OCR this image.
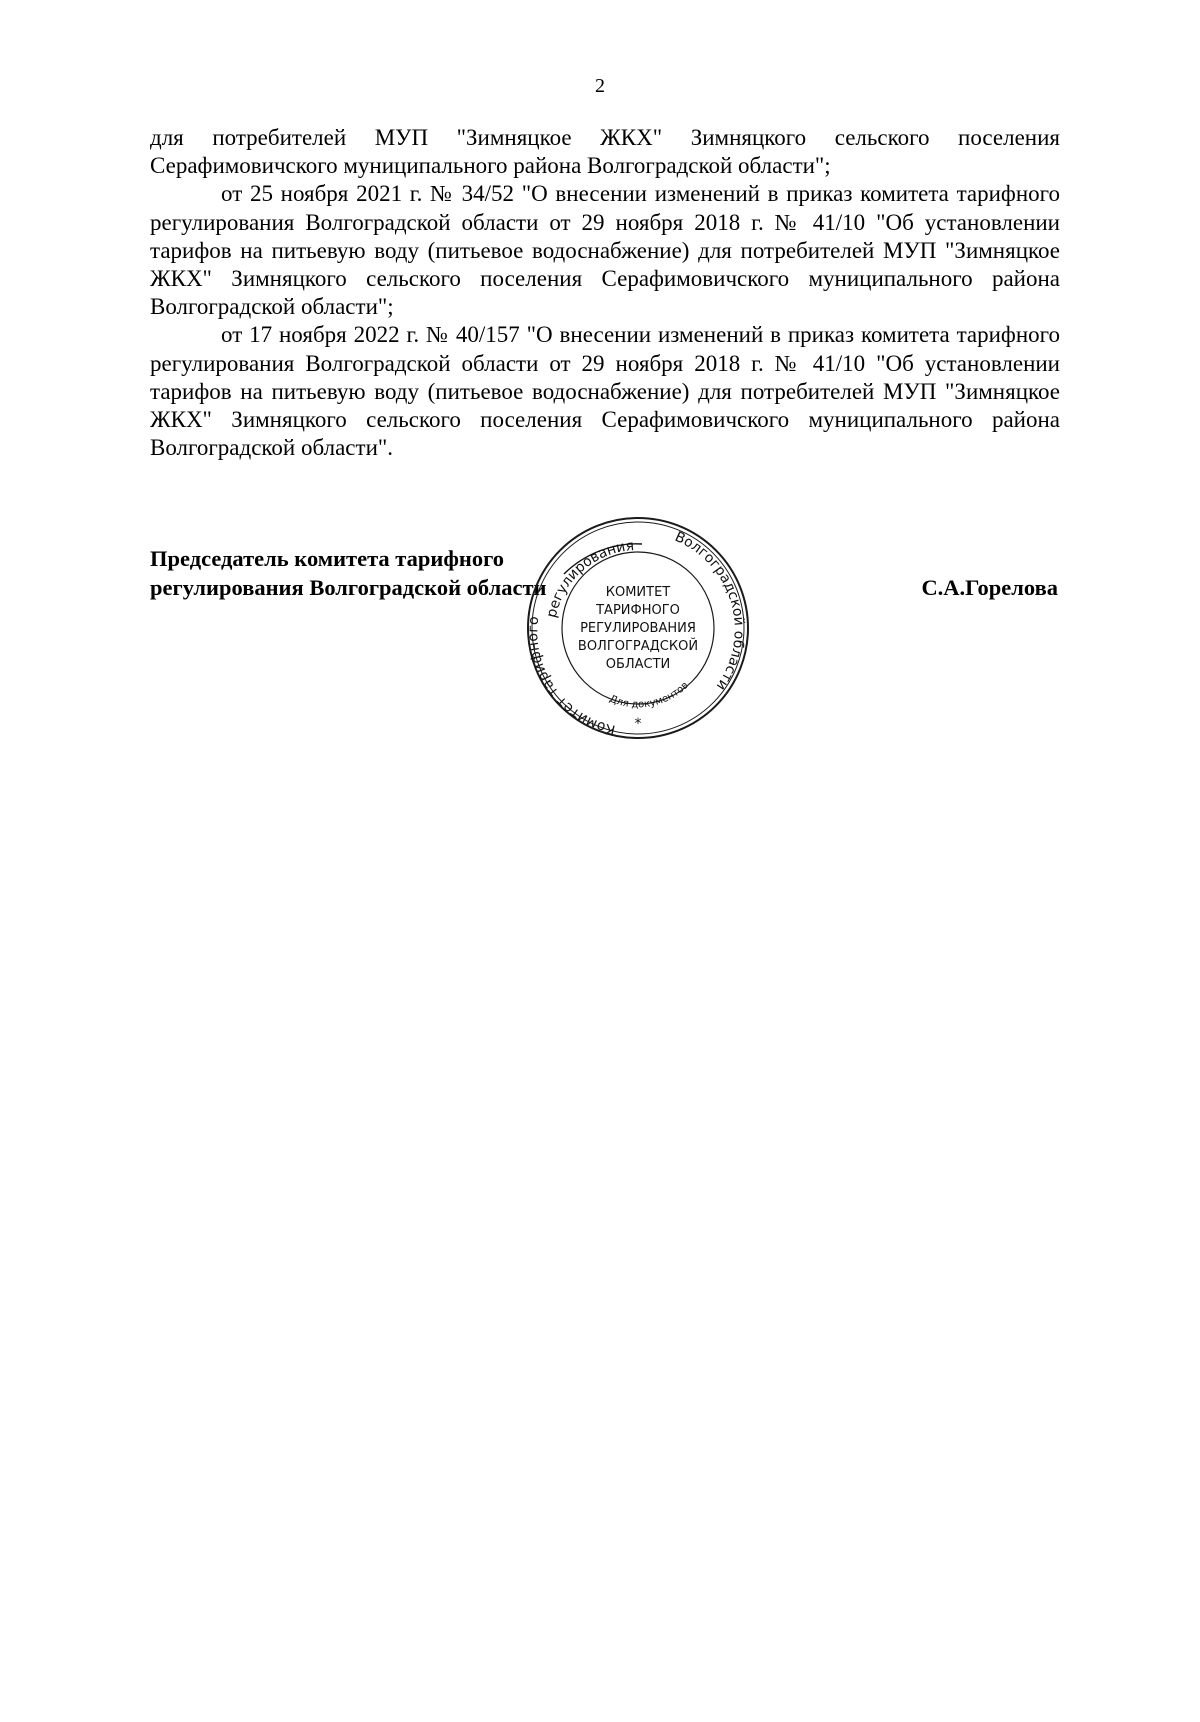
2

для потребителей МУП "Зимняцкое ЖКХ" Зимняцкого сельского поселения Серафимовичского муниципального района Волгоградской области";

от 25 ноября 2021 г. № 34/52 "О внесении изменений в приказ комитета тарифного регулирования Волгоградской области от 29 ноября 2018 г. № 41/10 "Об установлении тарифов на питьевую воду (питьевое водоснабжение) для потребителей МУП "Зимняцкое ЖКХ" Зимняцкого сельского поселения Серафимовичского муниципального района Волгоградской области";

от 17 ноября 2022 г. № 40/157 "О внесении изменений в приказ комитета тарифного регулирования Волгоградской области от 29 ноября 2018 г. № 41/10 "Об установлении тарифов на питьевую воду (питьевое водоснабжение) для потребителей МУП "Зимняцкое ЖКХ" Зимняцкого сельского поселения Серафимовичского муниципального района Волгоградской области".

Председатель комитета тарифного
регулирования Волгоградской области	С.А.Горелова
Комитет тарифного
регулирования	Волгоградской области
КОМИТЕТ
ТАРИФНОГО
РЕГУЛИРОВАНИЯ
ВОЛГОГРАДСКОЙ
ОБЛАСТИ
Для документов
*
